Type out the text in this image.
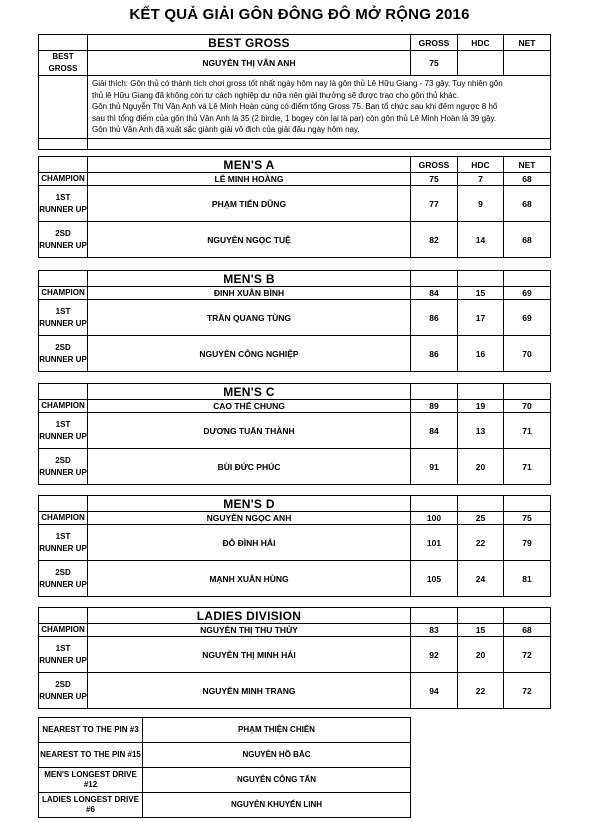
KẾT QUẢ GIẢI GÔN ĐÔNG ĐÔ MỞ RỘNG 2016
	BEST GROSS	GROSS	HDC	NET
BEST GROSS	NGUYỄN THỊ VÂN ANH	75		

	Giải thích: Gôn thủ có thành tích chơi gross tốt nhất ngày hôm nay là gôn thủ Lê Hữu Giang - 73 gậy. Tuy nhiên gôn
thủ lê Hữu Giang đã không còn tư cách nghiệp dư nữa nên giải thưởng sẽ được trao cho gôn thủ khác.
Gôn thủ Nguyễn Thị Vân Anh và Lê Minh Hoàn cùng có điểm tổng Gross 75. Ban tổ chức sau khi đếm ngược 8 hố
sau thì tổng điểm của gôn thủ Vân Anh là 35 (2 birdie, 1 bogey còn lại là par) còn gôn thủ Lê Minh Hoàn là 39 gậy.
Gôn thủ Vân Anh đã xuất sắc giành giải vô địch của giải đấu ngày hôm nay.			

	MEN'S A	GROSS	HDC	NET
CHAMPION	LÊ MINH HOÀNG	75	7	68
1ST RUNNER UP	PHẠM TIẾN DŨNG	77	9	68
2SD RUNNER UP	NGUYỄN NGỌC TUỆ	82	14	68
	MEN'S B			
CHAMPION	ĐINH XUÂN BÌNH	84	15	69
1ST RUNNER UP	TRẦN QUANG TÙNG	86	17	69
2SD RUNNER UP	NGUYỄN CÔNG NGHIỆP	86	16	70
	MEN'S C			
CHAMPION	CAO THẾ CHUNG	89	19	70
1ST RUNNER UP	DƯƠNG TUẤN THÀNH	84	13	71
2SD RUNNER UP	BÙI ĐỨC PHÚC	91	20	71
	MEN'S D			
CHAMPION	NGUYỄN NGỌC ANH	100	25	75
1ST RUNNER UP	ĐỖ ĐÌNH HẢI	101	22	79
2SD RUNNER UP	MẠNH XUÂN HÙNG	105	24	81
	LADIES DIVISION			
CHAMPION	NGUYỄN THỊ THU THỦY	83	15	68
1ST RUNNER UP	NGUYỄN THỊ MINH HẢI	92	20	72
2SD RUNNER UP	NGUYỄN MINH TRANG	94	22	72
NEAREST TO THE PIN #3	PHẠM THIỆN CHIẾN
NEAREST TO THE PIN #15	NGUYỄN HỒ BẮC
MEN'S LONGEST DRIVE #12	NGUYỄN CÔNG TẤN
LADIES LONGEST DRIVE #6	NGUYỄN KHUYẾN LINH
